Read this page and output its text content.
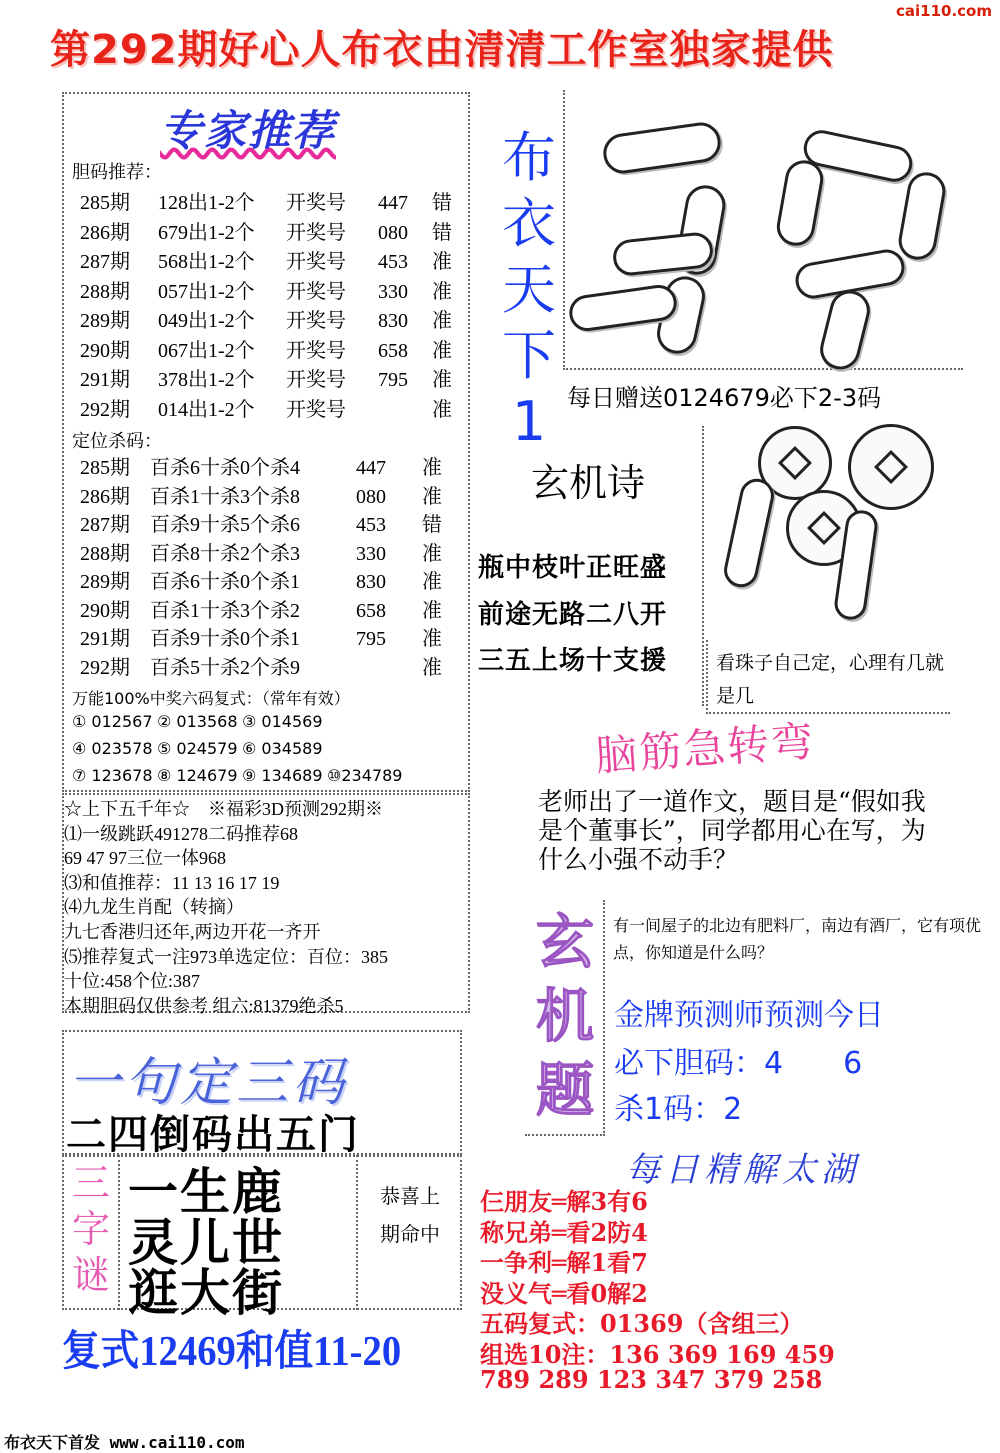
cai110.com
第292期好心人布衣由清清工作室独家提供
专家推荐
胆码推荐：
285期 128出1-2个 开奖号 447 错
286期 679出1-2个 开奖号 080 错
287期 568出1-2个 开奖号 453 准
288期 057出1-2个 开奖号 330 准
289期 049出1-2个 开奖号 830 准
290期 067出1-2个 开奖号 658 准
291期 378出1-2个 开奖号 795 准
292期 014出1-2个 开奖号	准
定位杀码：
285期 百杀6十杀0个杀4	447 准
286期 百杀1十杀3个杀8	080 准
287期 百杀9十杀5个杀6	453 错
288期 百杀8十杀2个杀3	330 准
289期 百杀6十杀0个杀1	830 准
290期 百杀1十杀3个杀2	658 准
291期 百杀9十杀0个杀1	795 准
292期 百杀5十杀2个杀9	准
万能100%中奖六码复式：（常年有效）
① 012567 ② 013568 ③ 014569
④ 023578 ⑤ 024579 ⑥ 034589
⑦ 123678 ⑧ 124679 ⑨ 134689 ⑩234789
☆上下五千年☆　※福彩3D预测292期※
⑴一级跳跃491278二码推荐68
69 47 97三位一体968
⑶和值推荐：11 13 16 17 19
⑷九龙生肖配（转摘）
九七香港归还年,两边开花一齐开
⑸推荐复式一注973单选定位：百位：385
十位:458个位:387
本期胆码仅供参考 组六:81379绝杀5
布衣天下1 每日赠送0124679必下2-3码
玄机诗
瓶中枝叶正旺盛
前途无路二八开
三五上场十支援	看珠子自己定，心理有几就是几
脑筋急转弯
老师出了一道作文，题目是“假如我是个董事长”，同学都用心在写，为什么小强不动手？
玄机题
有一间屋子的北边有肥料厂，南边有酒厂，它有项优点，你知道是什么吗？
金牌预测师预测今日
必下胆码：4　　6
杀1码：2
一句定三码
二四倒码出五门
三字谜
一生鹿
灵儿世
逛大街
恭喜上期命中
复式12469和值11-20
每日精解太湖
仨朋友═解3有6
称兄弟═看2防4
一争利═解1看7
没义气═看0解2
五码复式：01369（含组三）
组选10注：136 369 169 459
789 289 123 347 379 258
布衣天下首发 www.cai110.com
